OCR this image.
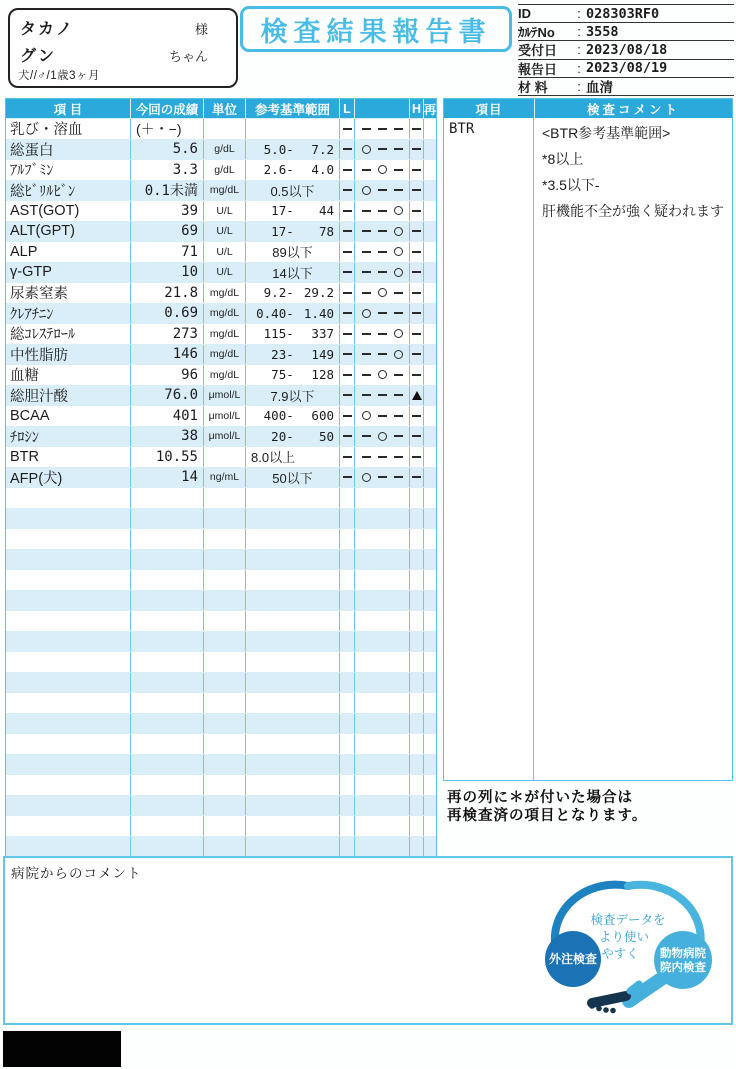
タカノ	様
グン	ちゃん
犬//♂/1歳3ヶ月
検査結果報告書
ID	: 028303RF0
ｶﾙﾃNo	: 3558
受付日	: 2023/08/18
報告日	: 2023/08/19
材 料	: 血清
項 目	今回の成績	単位	参考基準範囲	L	H 再
乳び・溶血	(＋・−)
総蛋白	5.6	g/dL	5.0 -	7.2
ｱﾙﾌﾞﾐﾝ	3.3	g/dL	2.6 -	4.0
総ﾋﾞﾘﾙﾋﾞﾝ	0.1未満	mg/dL	0.5以下
AST(GOT)	39	U/L	17 -	44
ALT(GPT)	69	U/L	17 -	78
ALP	71	U/L	89以下
γ-GTP	10	U/L	14以下
尿素窒素	21.8	mg/dL	9.2 - 29.2
ｸﾚｱﾁﾆﾝ	0.69	mg/dL	0.40 - 1.40
総ｺﾚｽﾃﾛｰﾙ	273	mg/dL	115 -	337
中性脂肪	146	mg/dL	23 -	149
血糖	96	mg/dL	75 -	128
総胆汁酸	76.0	μmol/L	7.9以下
BCAA	401	μmol/L	400 -	600
ﾁﾛｼﾝ	38	μmol/L	20 -	50
BTR	10.55	8.0以上
AFP(犬)	14	ng/mL	50以下
項目	検査コメント
BTR	<BTR参考基準範囲>
*8以上
*3.5以下-
肝機能不全が強く疑われます
再の列に＊が付いた場合は
再検査済の項目となります。
病院からのコメント
検査データを
より使い
やすく
外注検査	動物病院
院内検査
